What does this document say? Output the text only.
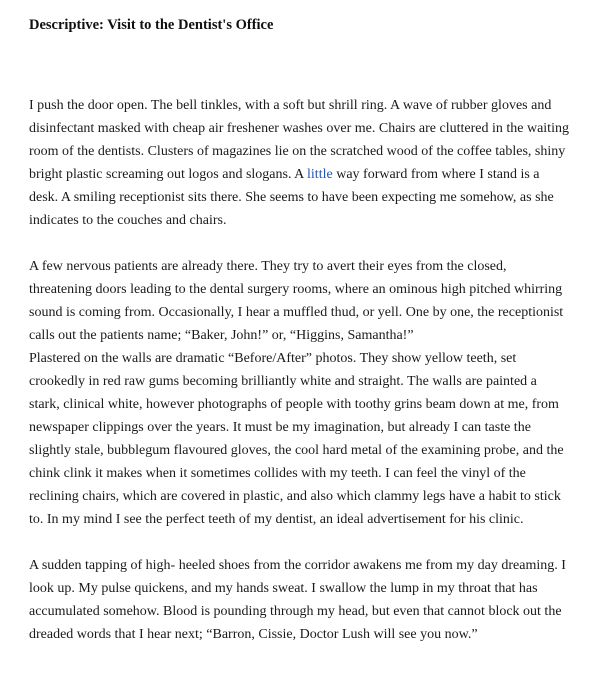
Descriptive: Visit to the Dentist's Office

I push the door open. The bell tinkles, with a soft but shrill ring. A wave of rubber gloves and disinfectant masked with cheap air freshener washes over me. Chairs are cluttered in the waiting room of the dentists. Clusters of magazines lie on the scratched wood of the coffee tables, shiny bright plastic screaming out logos and slogans. A little way forward from where I stand is a desk. A smiling receptionist sits there. She seems to have been expecting me somehow, as she indicates to the couches and chairs.

A few nervous patients are already there. They try to avert their eyes from the closed, threatening doors leading to the dental surgery rooms, where an ominous high pitched whirring sound is coming from. Occasionally, I hear a muffled thud, or yell. One by one, the receptionist calls out the patients name; “Baker, John!” or, “Higgins, Samantha!”

Plastered on the walls are dramatic “Before/After” photos. They show yellow teeth, set crookedly in red raw gums becoming brilliantly white and straight. The walls are painted a stark, clinical white, however photographs of people with toothy grins beam down at me, from newspaper clippings over the years. It must be my imagination, but already I can taste the slightly stale, bubblegum flavoured gloves, the cool hard metal of the examining probe, and the chink clink it makes when it sometimes collides with my teeth. I can feel the vinyl of the reclining chairs, which are covered in plastic, and also which clammy legs have a habit to stick to. In my mind I see the perfect teeth of my dentist, an ideal advertisement for his clinic.

A sudden tapping of high- heeled shoes from the corridor awakens me from my day dreaming. I look up. My pulse quickens, and my hands sweat. I swallow the lump in my throat that has accumulated somehow. Blood is pounding through my head, but even that cannot block out the dreaded words that I hear next; “Barron, Cissie, Doctor Lush will see you now.”
